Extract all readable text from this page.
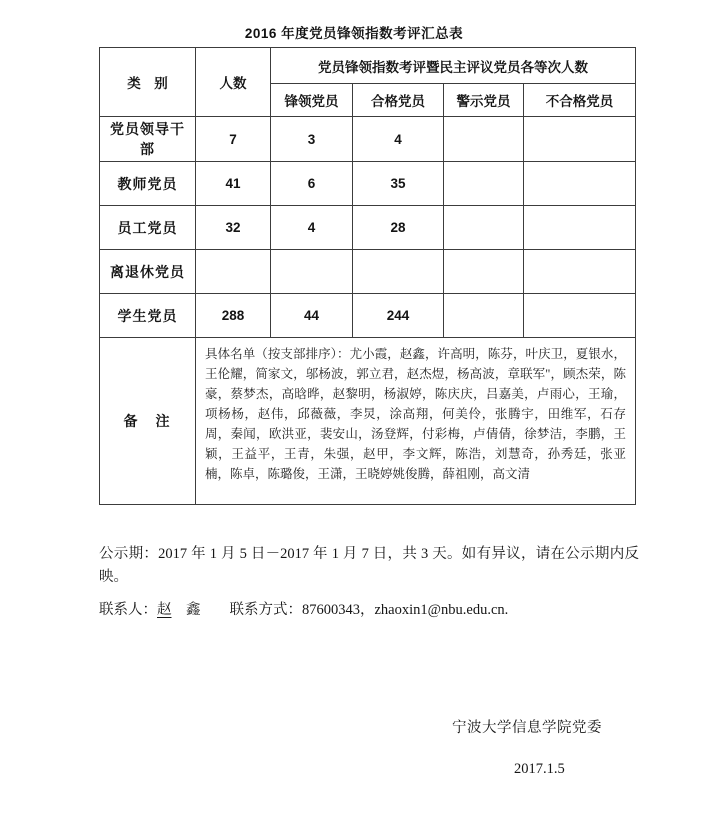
2016 年度党员锋领指数考评汇总表
类　别	人数	党员锋领指数考评暨民主评议党员各等次人数			
		锋领党员	合格党员	警示党员	不合格党员
党员领导干部	7	3	4		
教师党员	41	6	35		
员工党员	32	4	28		
离退休党员					
学生党员	288	44	244		
备　注	具体名单（按支部排序）：尤小霞，赵鑫，许高明，陈芬，叶庆卫，夏银水，王伦耀，简家文，邬杨波，郭立君，赵杰煜，杨高波，章联军"，顾杰荣，陈豪，蔡梦杰，高晗晔，赵黎明，杨淑婷，陈庆庆，吕嘉美，卢雨心，王瑜，项杨杨，赵伟，邱薇薇，李炅，涂高翔，何美伶，张腾宇，田维军，石存周，秦闻，欧洪亚，裴安山，汤登辉，付彩梅，卢倩倩，徐梦洁，李鹏，王颖，王益平，王青，朱强，赵甲，李文辉，陈浩，刘慧奇，孙秀廷，张亚楠，陈卓，陈璐俊，王潇，王晓婷姚俊腾，薛祖刚，高文清				
公示期：2017 年 1 月 5 日－2017 年 1 月 7 日，共 3 天。如有异议，请在公示期内反映。
联系人：赵　鑫　　联系方式：87600343，zhaoxin1@nbu.edu.cn.
宁波大学信息学院党委
2017.1.5
